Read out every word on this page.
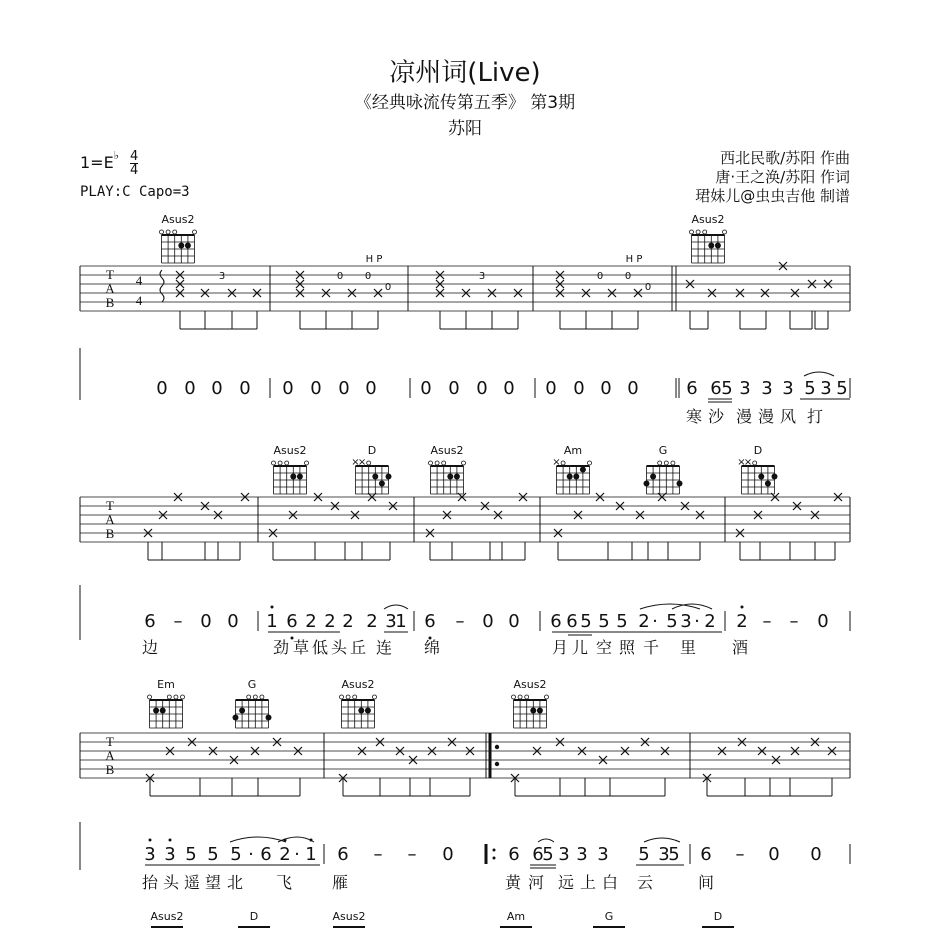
凉州词(Live)
《经典咏流传第五季》 第3期
苏阳
$1=E^♭ \frac{4}{4}$
PLAY:C Capo=3
西北民歌/苏阳 作曲
唐·王之涣/苏阳 作词
珺妹儿@虫虫吉他 制谱
Asus2	Asus2
T
A
B
4
4
3	0 0
0
H P
3	0 0
0
H P
0 0 0 0 0 0 0 0 0 0 0 0 0 0 0 0	6 6 5 3 3 3 5 3 5
寒 沙 漫 漫 风 打
Asus2	D
×
×
Asus2	Am
×
G	D
×
×
T
A
B
6 – 0 0 1 6 2 2 2 2 3
1 6 – 0 0 6 6 5 5 5 2 · 5 3 · 2 2 – – 0
边	劲 草 低 头 丘 连 绵	月 儿 空 照 千 里 酒
Em	G	Asus2	Asus2
T
A
B
3 3 5 5 5 · 6 2 · 1 6 – – 0	6 6
5 3 3 3 5 3
5 6 – 0 0
抬 头 遥 望 北 飞 雁	黄 河 远 上 白 云	间
Asus2	D	Asus2	Am	G	D
